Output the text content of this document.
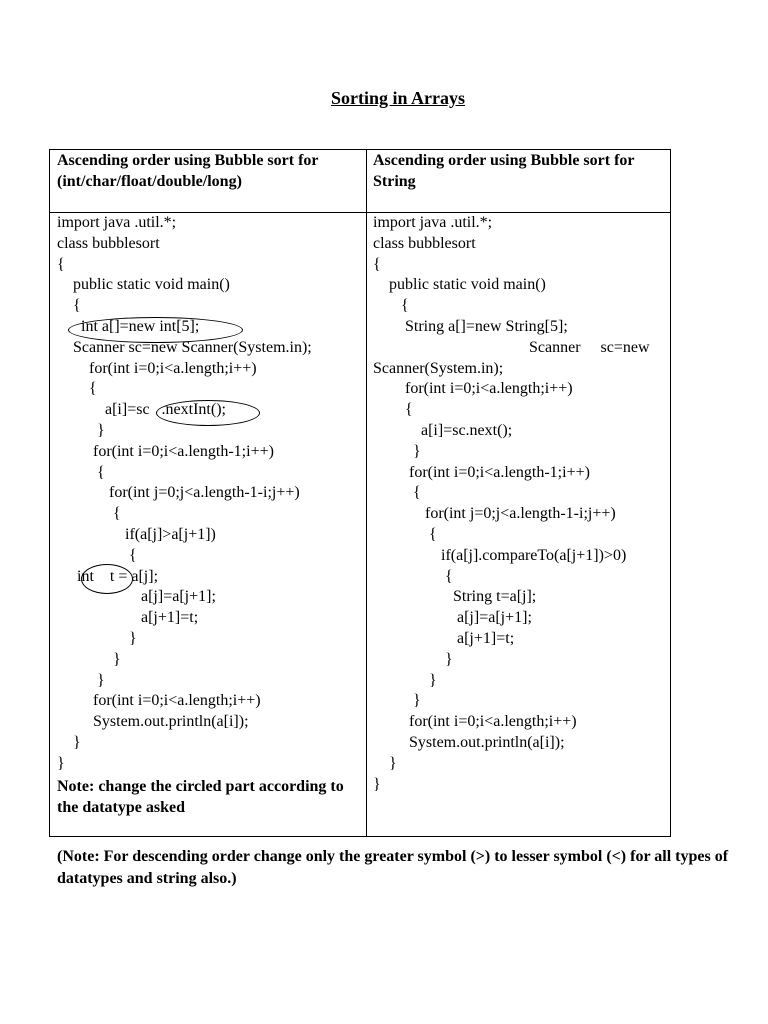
Sorting in Arrays
Ascending order using Bubble sort for (int/char/float/double/long)
Ascending order using Bubble sort for String
import java .util.*;
class bubblesort
{
public static void main()
{
int a[]=new int[5];
Scanner sc=new Scanner(System.in);
for(int i=0;i<a.length;i++)
{
a[i]=sc   .nextInt();
}
for(int i=0;i<a.length-1;i++)
{
for(int j=0;j<a.length-1-i;j++)
{
if(a[j]>a[j+1])
{
int    t = a[j];
a[j]=a[j+1];
a[j+1]=t;
}
}
}
for(int i=0;i<a.length;i++)
System.out.println(a[i]);
}
}
import java .util.*;
class bubblesort
{
public static void main()
{
String a[]=new String[5];
Scanner     sc=new
Scanner(System.in);
for(int i=0;i<a.length;i++)
{
a[i]=sc.next();
}
for(int i=0;i<a.length-1;i++)
{
for(int j=0;j<a.length-1-i;j++)
{
if(a[j].compareTo(a[j+1])>0)
{
String t=a[j];
a[j]=a[j+1];
a[j+1]=t;
}
}
}
for(int i=0;i<a.length;i++)
System.out.println(a[i]);
}
}
Note: change the circled part according to the datatype asked
(Note: For descending order change only the greater symbol (>) to lesser symbol (<) for all types of datatypes and string also.)
